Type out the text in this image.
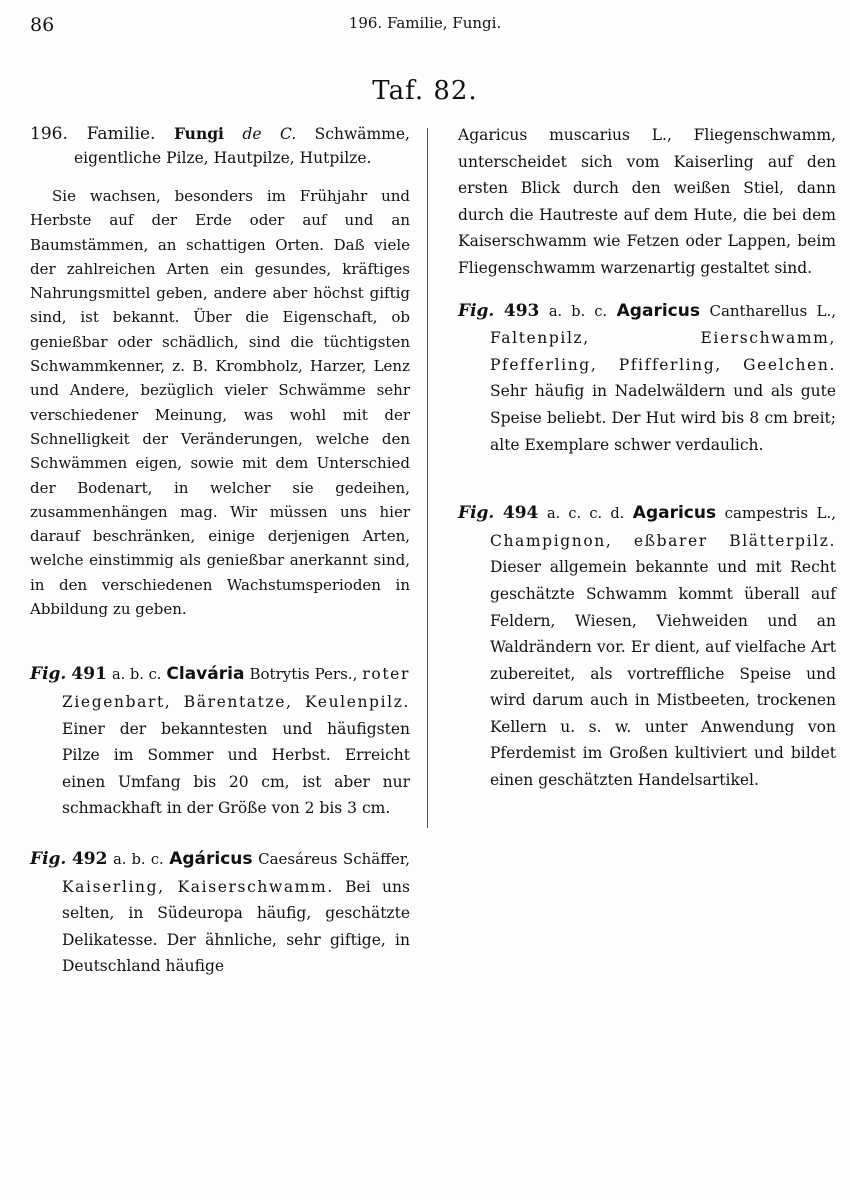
86	196. Familie, Fungi.
Taf. 82.

196. Familie. Fungi de C. Schwämme, eigentliche Pilze, Hautpilze, Hutpilze.

Sie wachsen, besonders im Frühjahr und Herbste auf der Erde oder auf und an Baumstämmen, an schattigen Orten. Daß viele der zahlreichen Arten ein gesundes, kräftiges Nahrungsmittel geben, andere aber höchst giftig sind, ist bekannt. Über die Eigenschaft, ob genießbar oder schädlich, sind die tüchtigsten Schwammkenner, z. B. Krombholz, Harzer, Lenz und Andere, bezüglich vieler Schwämme sehr verschiedener Meinung, was wohl mit der Schnelligkeit der Veränderungen, welche den Schwämmen eigen, sowie mit dem Unterschied der Bodenart, in welcher sie gedeihen, zusammenhängen mag. Wir müssen uns hier darauf beschränken, einige derjenigen Arten, welche einstimmig als genießbar anerkannt sind, in den verschiedenen Wachstumsperioden in Abbildung zu geben.

Fig. 491 a. b. c. Clavária Botrytis Pers., roter Ziegenbart, Bärentatze, Keulenpilz. Einer der bekanntesten und häufigsten Pilze im Sommer und Herbst. Erreicht einen Umfang bis 20 cm, ist aber nur schmackhaft in der Größe von 2 bis 3 cm.

Fig. 492 a. b. c. Agáricus Caesáreus Schäffer, Kaiserling, Kaiserschwamm. Bei uns selten, in Südeuropa häufig, geschätzte Delikatesse. Der ähnliche, sehr giftige, in Deutschland häufige

Agaricus muscarius L., Fliegenschwamm, unterscheidet sich vom Kaiserling auf den ersten Blick durch den weißen Stiel, dann durch die Hautreste auf dem Hute, die bei dem Kaiserschwamm wie Fetzen oder Lappen, beim Fliegenschwamm warzenartig gestaltet sind.

Fig. 493 a. b. c. Agaricus Cantharellus L., Faltenpilz, Eierschwamm, Pfefferling, Pfifferling, Geelchen. Sehr häufig in Nadelwäldern und als gute Speise beliebt. Der Hut wird bis 8 cm breit; alte Exemplare schwer verdaulich.

Fig. 494 a. c. c. d. Agaricus campestris L., Champignon, eßbarer Blätterpilz. Dieser allgemein bekannte und mit Recht geschätzte Schwamm kommt überall auf Feldern, Wiesen, Viehweiden und an Waldrändern vor. Er dient, auf vielfache Art zubereitet, als vortreffliche Speise und wird darum auch in Mistbeeten, trockenen Kellern u. s. w. unter Anwendung von Pferdemist im Großen kultiviert und bildet einen geschätzten Handelsartikel.
